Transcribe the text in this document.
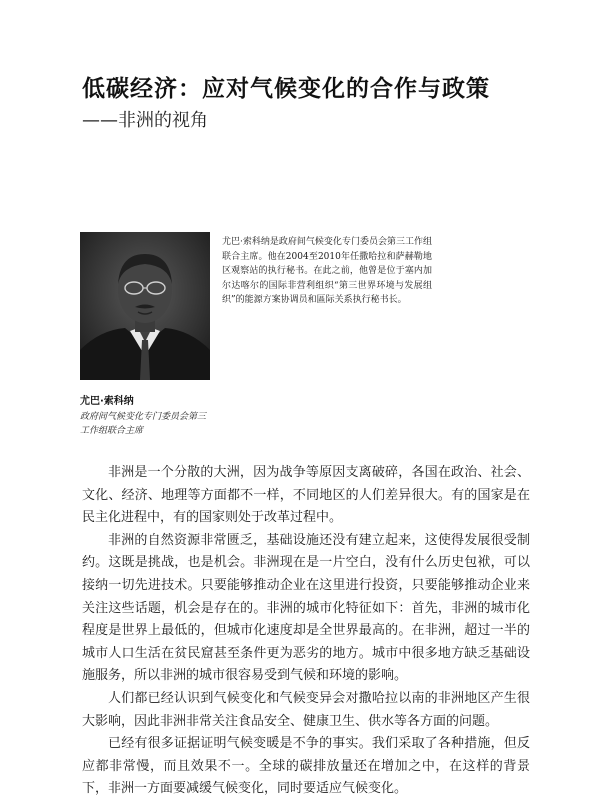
低碳经济：应对气候变化的合作与政策
——非洲的视角
尤巴·索科纳是政府间气候变化专门委员会第三工作组联合主席。他在2004至2010年任撒哈拉和萨赫勒地区观察站的执行秘书。在此之前，他曾是位于塞内加尔达喀尔的国际非营利组织“第三世界环境与发展组织”的能源方案协调员和區际关系执行秘书长。
尤巴·索科纳
政府间气候变化专门委员会第三工作组联合主席

非洲是一个分散的大洲，因为战争等原因支离破碎，各国在政治、社会、文化、经济、地理等方面都不一样，不同地区的人们差异很大。有的国家是在民主化进程中，有的国家则处于改革过程中。

非洲的自然资源非常匮乏，基础设施还没有建立起来，这使得发展很受制约。这既是挑战，也是机会。非洲现在是一片空白，没有什么历史包袱，可以接纳一切先进技术。只要能够推动企业在这里进行投资，只要能够推动企业来关注这些话题，机会是存在的。非洲的城市化特征如下：首先，非洲的城市化程度是世界上最低的，但城市化速度却是全世界最高的。在非洲，超过一半的城市人口生活在贫民窟甚至条件更为恶劣的地方。城市中很多地方缺乏基础设施服务，所以非洲的城市很容易受到气候和环境的影响。

人们都已经认识到气候变化和气候变异会对撒哈拉以南的非洲地区产生很大影响，因此非洲非常关注食品安全、健康卫生、供水等各方面的问题。

已经有很多证据证明气候变暖是不争的事实。我们采取了各种措施，但反应都非常慢，而且效果不一。全球的碳排放量还在增加之中，在这样的背景下，非洲一方面要减缓气候变化，同时要适应气候变化。
